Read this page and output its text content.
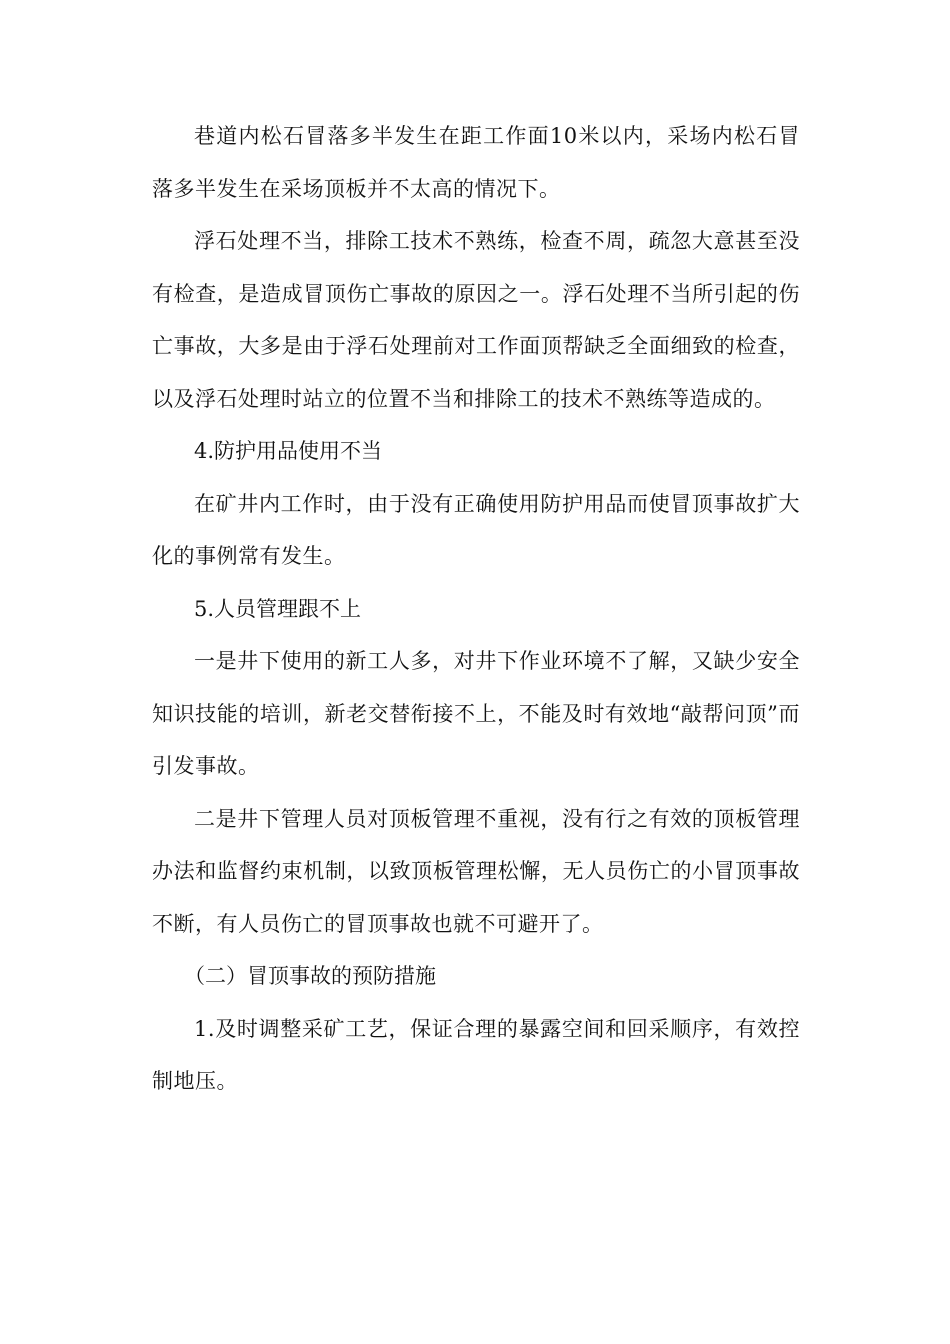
巷道内松石冒落多半发生在距工作面10米以内，采场内松石冒落多半发生在采场顶板并不太高的情况下。

浮石处理不当，排除工技术不熟练，检查不周，疏忽大意甚至没有检查，是造成冒顶伤亡事故的原因之一。浮石处理不当所引起的伤亡事故，大多是由于浮石处理前对工作面顶帮缺乏全面细致的检查，以及浮石处理时站立的位置不当和排除工的技术不熟练等造成的。

4.防护用品使用不当

在矿井内工作时，由于没有正确使用防护用品而使冒顶事故扩大化的事例常有发生。

5.人员管理跟不上

一是井下使用的新工人多，对井下作业环境不了解，又缺少安全知识技能的培训，新老交替衔接不上，不能及时有效地“敲帮问顶”而引发事故。

二是井下管理人员对顶板管理不重视，没有行之有效的顶板管理办法和监督约束机制，以致顶板管理松懈，无人员伤亡的小冒顶事故不断，有人员伤亡的冒顶事故也就不可避开了。

（二）冒顶事故的预防措施

1.及时调整采矿工艺，保证合理的暴露空间和回采顺序，有效控制地压。
